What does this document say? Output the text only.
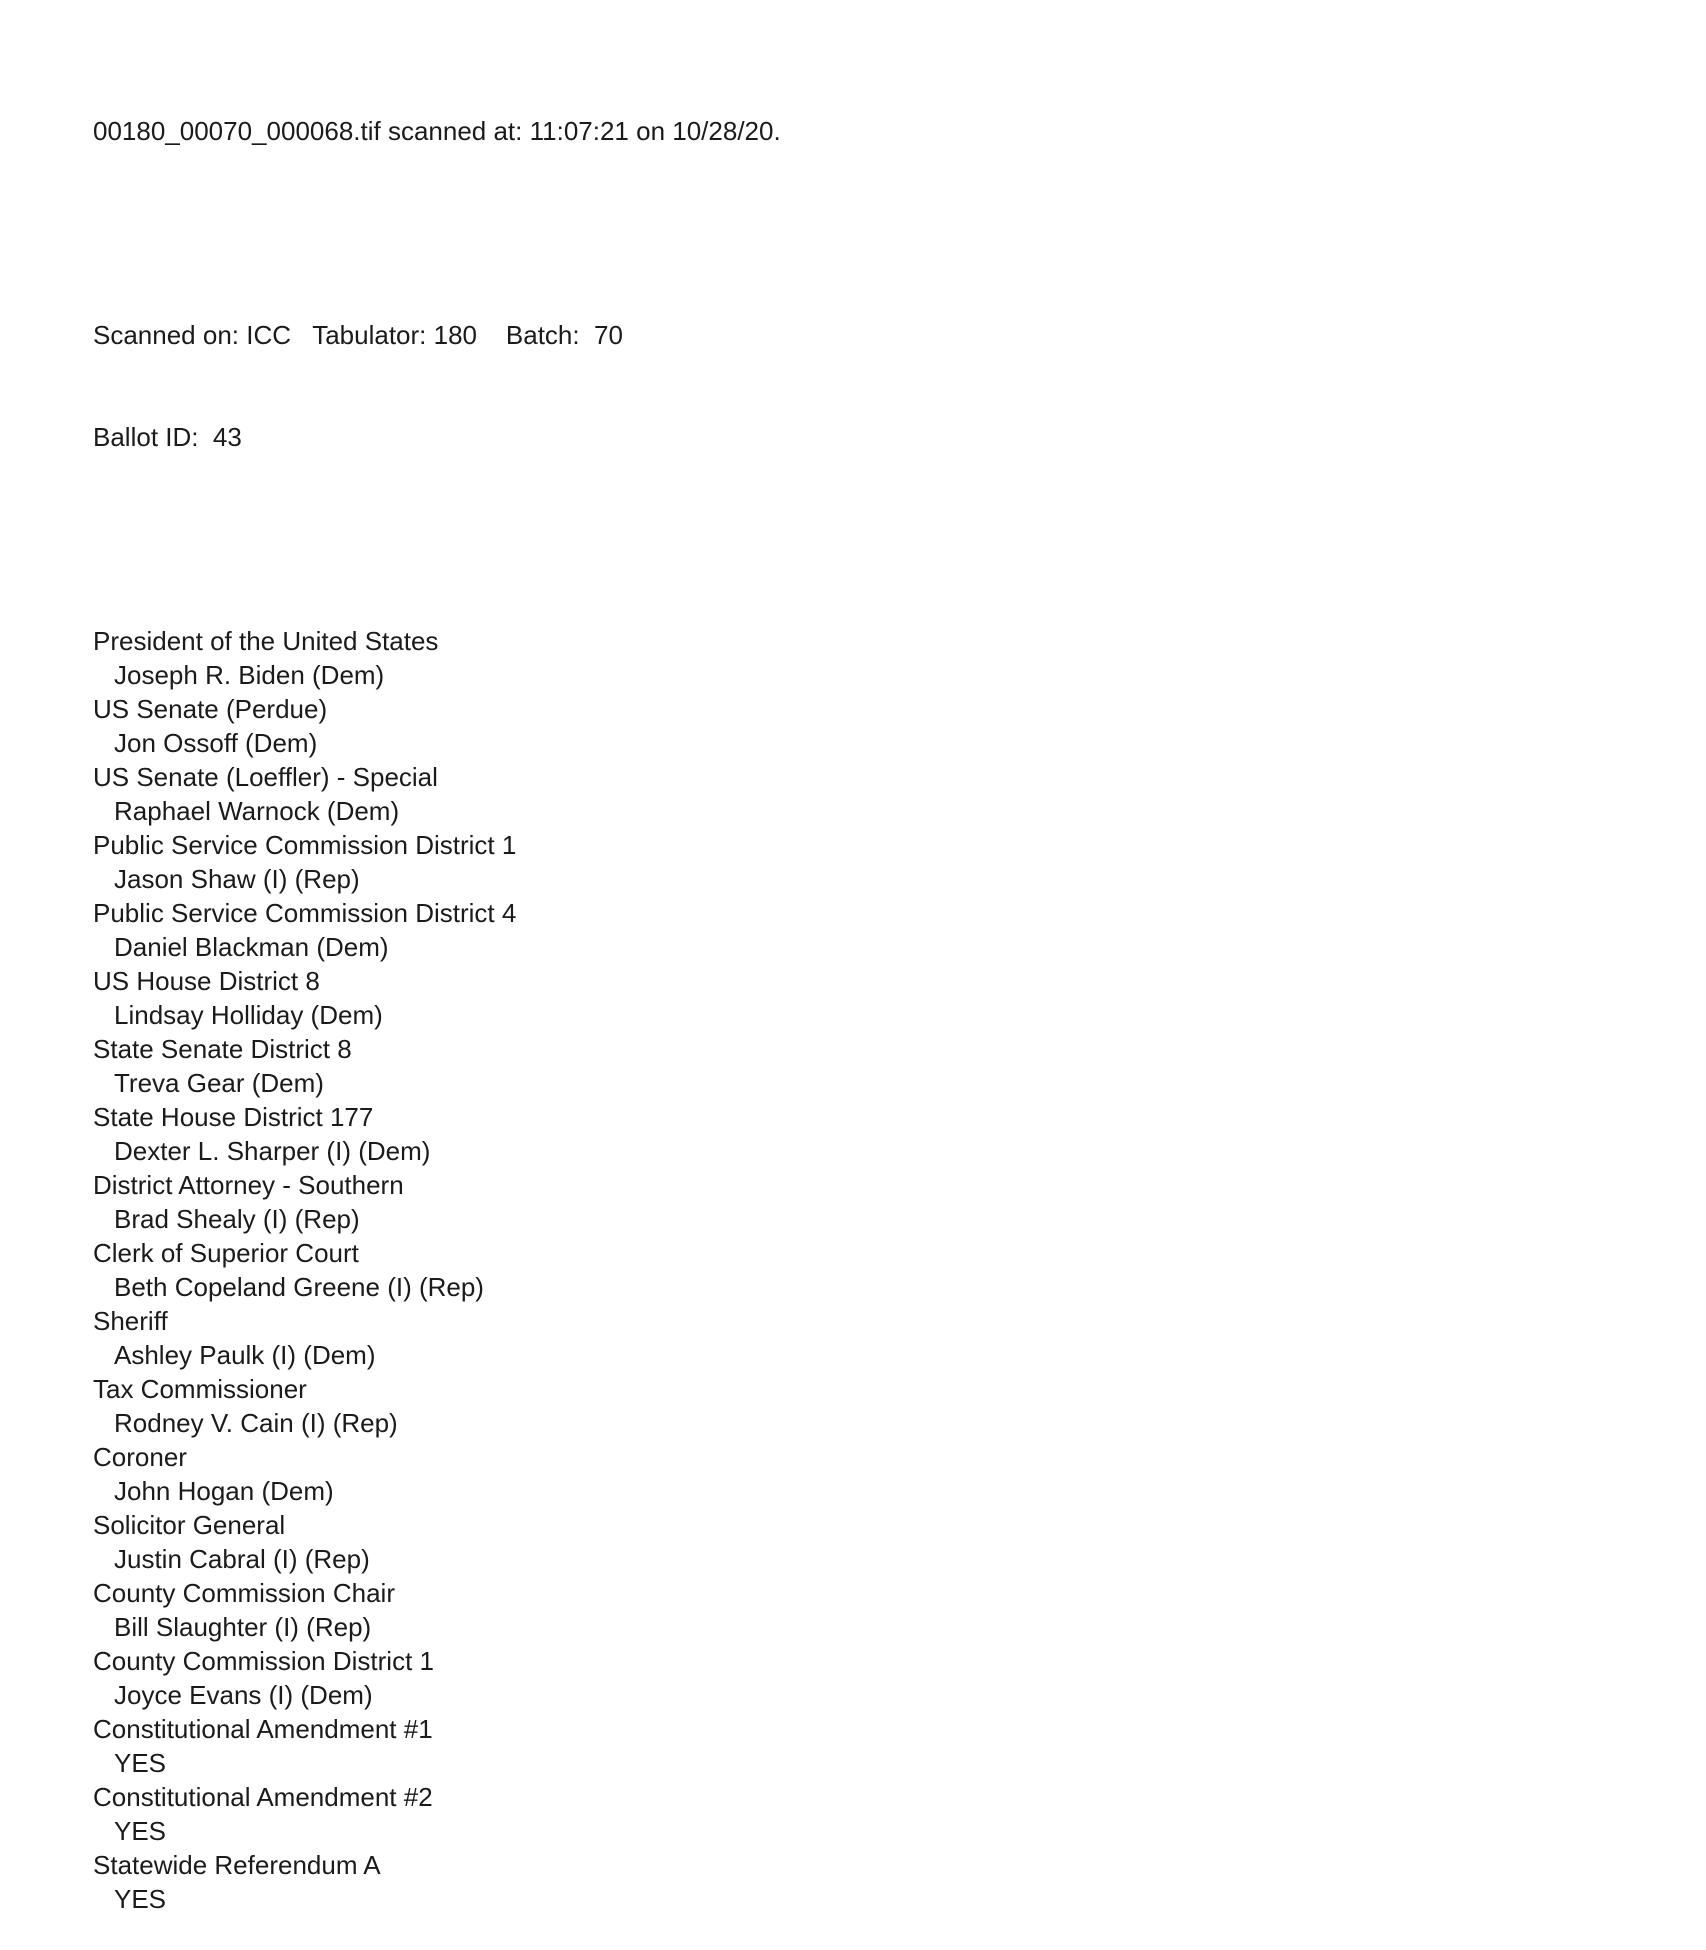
00180_00070_000068.tif scanned at: 11:07:21 on 10/28/20.

Scanned on: ICC   Tabulator: 180    Batch:  70

Ballot ID:  43

President of the United States
Joseph R. Biden (Dem)
US Senate (Perdue)
Jon Ossoff (Dem)
US Senate (Loeffler) - Special
Raphael Warnock (Dem)
Public Service Commission District 1
Jason Shaw (I) (Rep)
Public Service Commission District 4
Daniel Blackman (Dem)
US House District 8
Lindsay Holliday (Dem)
State Senate District 8
Treva Gear (Dem)
State House District 177
Dexter L. Sharper (I) (Dem)
District Attorney - Southern
Brad Shealy (I) (Rep)
Clerk of Superior Court
Beth Copeland Greene (I) (Rep)
Sheriff
Ashley Paulk (I) (Dem)
Tax Commissioner
Rodney V. Cain (I) (Rep)
Coroner
John Hogan (Dem)
Solicitor General
Justin Cabral (I) (Rep)
County Commission Chair
Bill Slaughter (I) (Rep)
County Commission District 1
Joyce Evans (I) (Dem)
Constitutional Amendment #1
YES
Constitutional Amendment #2
YES
Statewide Referendum A
YES
